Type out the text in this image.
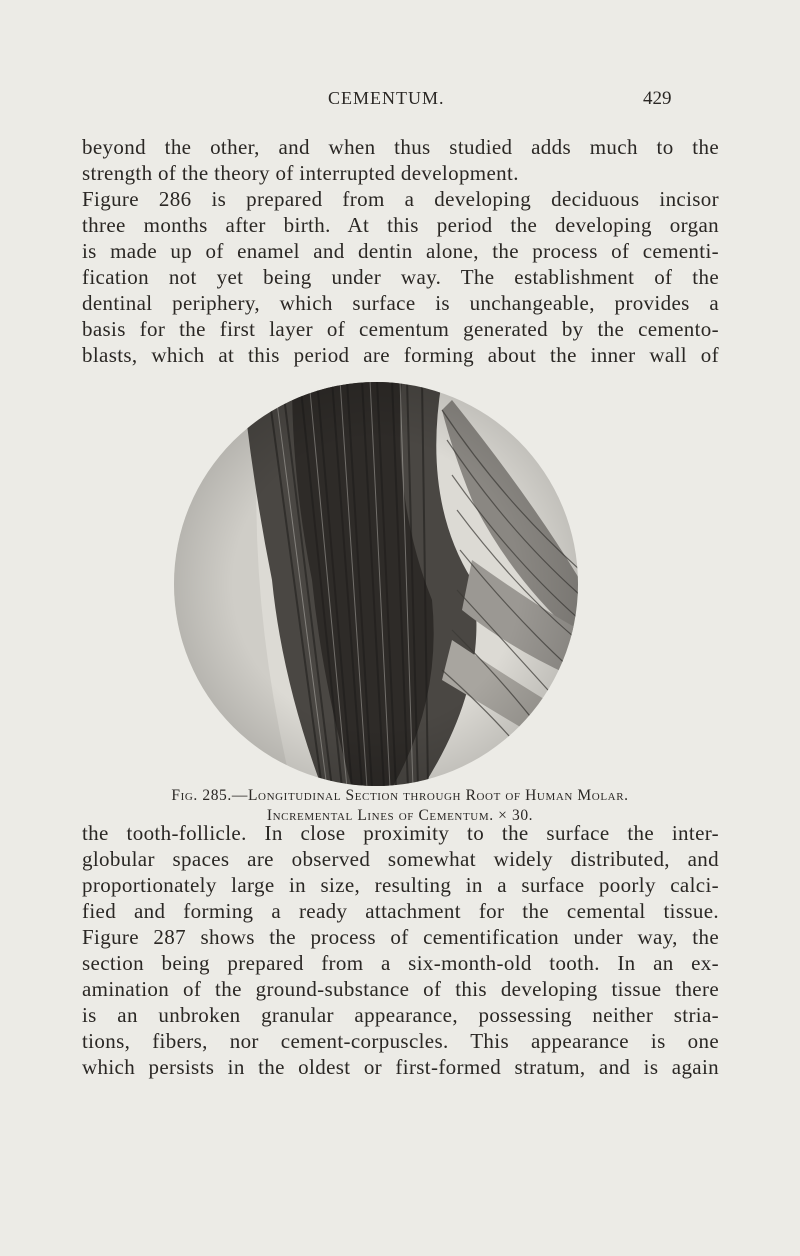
CEMENTUM.	429
beyond the other, and when thus studied adds much to the
strength of the theory of interrupted development.
Figure 286 is prepared from a developing deciduous incisor
three months after birth. At this period the developing organ
is made up of enamel and dentin alone, the process of cementi-
fication not yet being under way. The establishment of the
dentinal periphery, which surface is unchangeable, provides a
basis for the first layer of cementum generated by the cemento-
blasts, which at this period are forming about the inner wall of
Fig. 285.—Longitudinal Section through Root of Human Molar.
Incremental Lines of Cementum. × 30.
the tooth-follicle. In close proximity to the surface the inter-
globular spaces are observed somewhat widely distributed, and
proportionately large in size, resulting in a surface poorly calci-
fied and forming a ready attachment for the cemental tissue.
Figure 287 shows the process of cementification under way, the
section being prepared from a six-month-old tooth. In an ex-
amination of the ground-substance of this developing tissue there
is an unbroken granular appearance, possessing neither stria-
tions, fibers, nor cement-corpuscles. This appearance is one
which persists in the oldest or first-formed stratum, and is again
